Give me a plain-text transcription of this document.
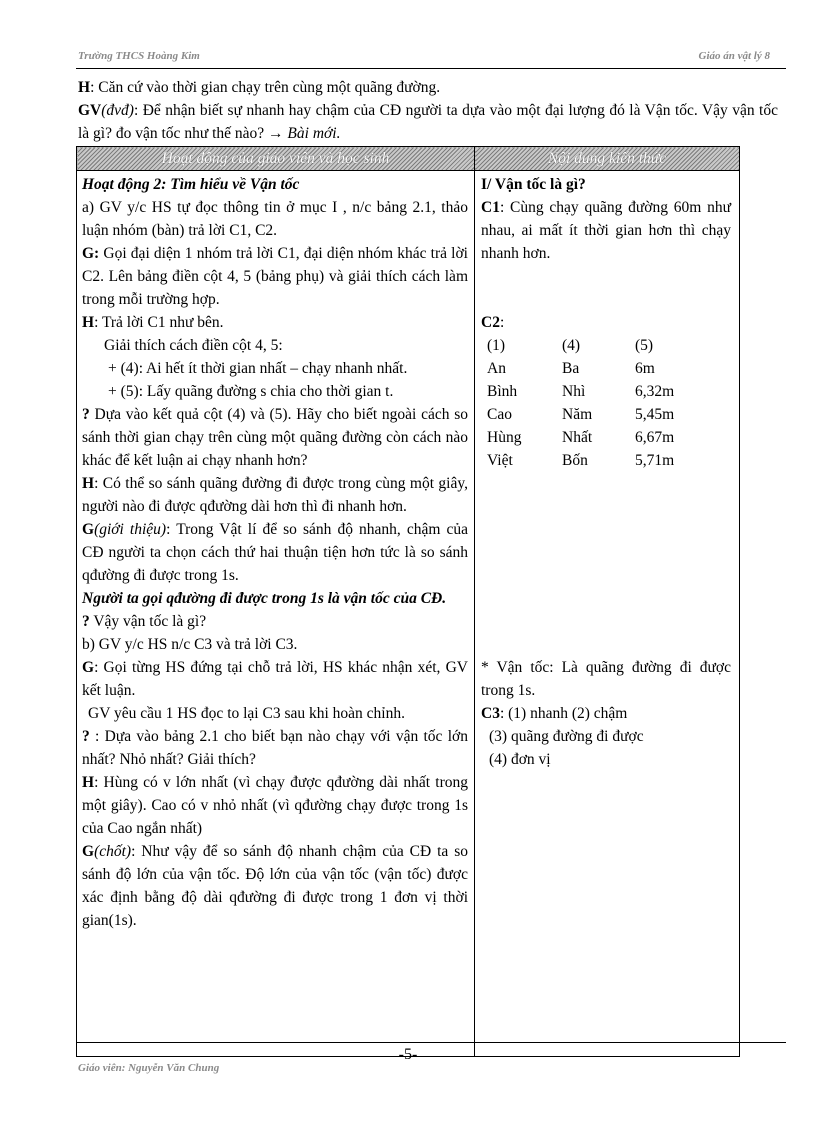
Trường THCS Hoàng Kim	Giáo án vật lý 8

H: Căn cứ vào thời gian chạy trên cùng một quãng đường.

GV(đvđ): Để nhận biết sự nhanh hay chậm của CĐ người ta dựa vào một đại lượng đó là Vận tốc. Vậy vận tốc là gì? đo vận tốc như thế nào? → Bài mới.

Hoạt động của giáo viên và học sinh	Nội dung kiến thức

Hoạt động 2: Tìm hiểu về Vận tốc
a) GV y/c HS tự đọc thông tin ở mục I , n/c bảng 2.1, thảo luận nhóm (bàn) trả lời C1, C2.
G: Gọi đại diện 1 nhóm trả lời C1, đại diện nhóm khác trả lời C2. Lên bảng điền cột 4, 5 (bảng phụ) và giải thích cách làm trong mỗi trường hợp.
H: Trả lời C1 như bên.
Giải thích cách điền cột 4, 5:
+ (4): Ai hết ít thời gian nhất – chạy nhanh nhất.
+ (5): Lấy quãng đường s chia cho thời gian t.
? Dựa vào kết quả cột (4) và (5). Hãy cho biết ngoài cách so sánh thời gian chạy trên cùng một quãng đường còn cách nào khác để kết luận ai chạy nhanh hơn?
H: Có thể so sánh quãng đường đi được trong cùng một giây, người nào đi được qđường dài hơn thì đi nhanh hơn.
G(giới thiệu): Trong Vật lí để so sánh độ nhanh, chậm của CĐ người ta chọn cách thứ hai thuận tiện hơn tức là so sánh qđường đi được trong 1s.
Người ta gọi qđường đi được trong 1s là vận tốc của CĐ.
? Vậy vận tốc là gì?
b) GV y/c HS n/c C3 và trả lời C3.
G: Gọi từng HS đứng tại chỗ trả lời, HS khác nhận xét, GV kết luận.
GV yêu cầu 1 HS đọc to lại C3 sau khi hoàn chỉnh.
? : Dựa vào bảng 2.1 cho biết bạn nào chạy với vận tốc lớn nhất? Nhỏ nhất? Giải thích?
H: Hùng có v lớn nhất (vì chạy được qđường dài nhất trong một giây). Cao có v nhỏ nhất (vì qđường chạy được trong 1s của Cao ngắn nhất)
G(chốt): Như vậy để so sánh độ nhanh chậm của CĐ ta so sánh độ lớn của vận tốc. Độ lớn của vận tốc (vận tốc) được xác định bằng độ dài qđường đi được trong 1 đơn vị thời gian(1s).

I/ Vận tốc là gì?
C1: Cùng chạy quãng đường 60m như nhau, ai mất ít thời gian hơn thì chạy nhanh hơn.
C2:
(1)	(4)	(5)
An	Ba	6m
Bình	Nhì	6,32m
Cao	Năm	5,45m
Hùng	Nhất	6,67m
Việt	Bốn	5,71m
* Vận tốc: Là quãng đường đi được trong 1s.
C3: (1) nhanh (2) chậm
(3) quãng đường đi được
(4) đơn vị
-5-
Giáo viên: Nguyễn Văn Chung
